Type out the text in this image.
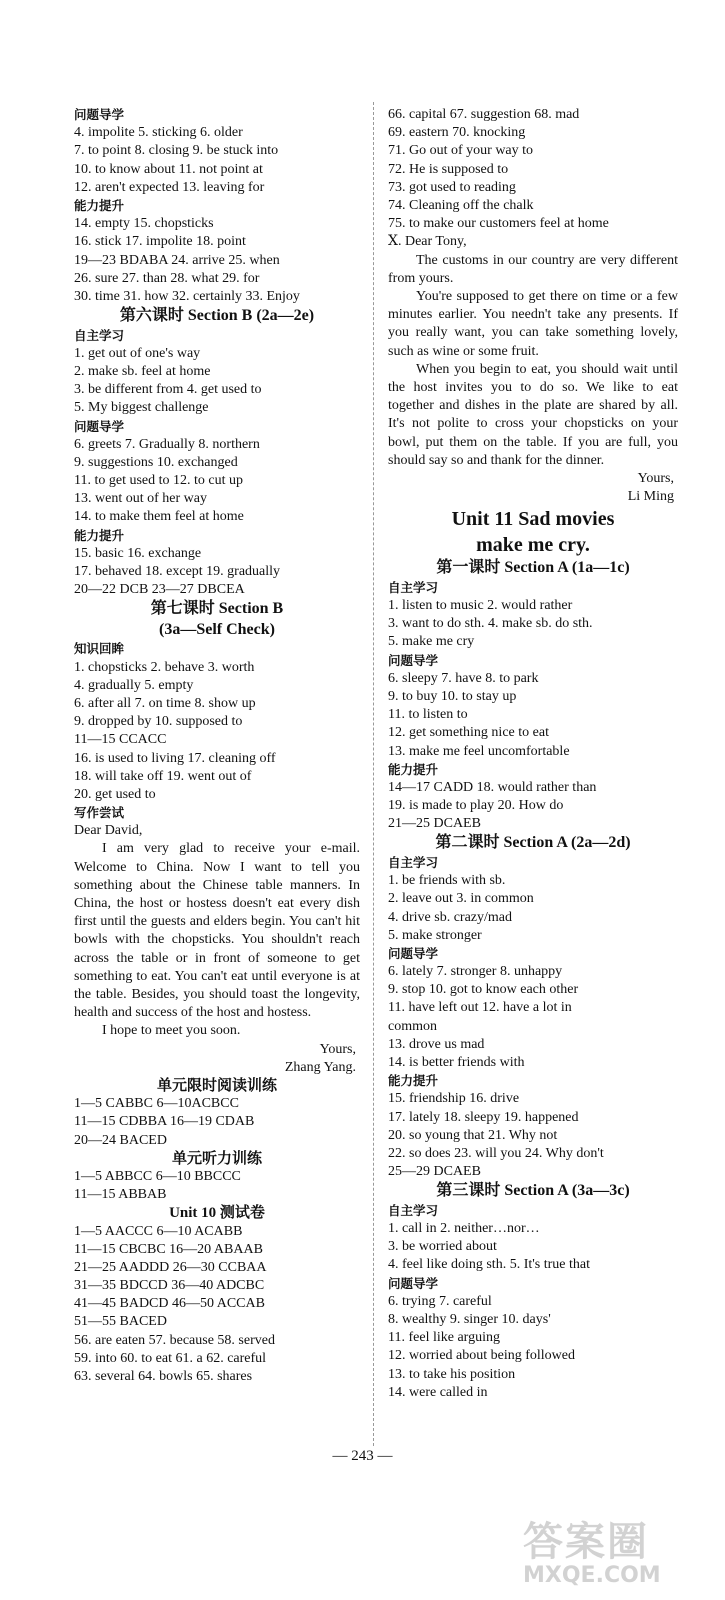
问题导学
4. impolite 5. sticking 6. older
7. to point 8. closing 9. be stuck into
10. to know about 11. not point at
12. aren't expected 13. leaving for
能力提升
14. empty 15. chopsticks
16. stick 17. impolite 18. point
19—23 BDABA 24. arrive 25. when
26. sure 27. than 28. what 29. for
30. time 31. how 32. certainly 33. Enjoy
第六课时 Section B (2a—2e)
自主学习
1. get out of one's way
2. make sb. feel at home
3. be different from 4. get used to
5. My biggest challenge
问题导学
6. greets 7. Gradually 8. northern
9. suggestions 10. exchanged
11. to get used to 12. to cut up
13. went out of her way
14. to make them feel at home
能力提升
15. basic 16. exchange
17. behaved 18. except 19. gradually
20—22 DCB 23—27 DBCEA
第七课时 Section B
(3a—Self Check)
知识回眸
1. chopsticks 2. behave 3. worth
4. gradually 5. empty
6. after all 7. on time 8. show up
9. dropped by 10. supposed to
11—15 CCACC
16. is used to living 17. cleaning off
18. will take off 19. went out of
20. get used to
写作尝试
Dear David,
I am very glad to receive your e-mail. Welcome to China. Now I want to tell you something about the Chinese table manners. In China, the host or hostess doesn't eat every dish first until the guests and elders begin. You can't hit bowls with the chopsticks. You shouldn't reach across the table or in front of someone to get something to eat. You can't eat until everyone is at the table. Besides, you should toast the longevity, health and success of the host and hostess.
I hope to meet you soon.
Yours,
Zhang Yang.
单元限时阅读训练
1—5 CABBC 6—10ACBCC
11—15 CDBBA 16—19 CDAB
20—24 BACED
单元听力训练
1—5 ABBCC 6—10 BBCCC
11—15 ABBAB
Unit 10 测试卷
1—5 AACCC 6—10 ACABB
11—15 CBCBC 16—20 ABAAB
21—25 AADDD 26—30 CCBAA
31—35 BDCCD 36—40 ADCBC
41—45 BADCD 46—50 ACCAB
51—55 BACED
56. are eaten 57. because 58. served
59. into 60. to eat 61. a 62. careful
63. several 64. bowls 65. shares
66. capital 67. suggestion 68. mad
69. eastern 70. knocking
71. Go out of your way to
72. He is supposed to
73. got used to reading
74. Cleaning off the chalk
75. to make our customers feel at home
Ⅹ. Dear Tony,
The customs in our country are very different from yours.
You're supposed to get there on time or a few minutes earlier. You needn't take any presents. If you really want, you can take something lovely, such as wine or some fruit.
When you begin to eat, you should wait until the host invites you to do so. We like to eat together and dishes in the plate are shared by all. It's not polite to cross your chopsticks on your bowl, put them on the table. If you are full, you should say so and thank for the dinner.
Yours,
Li Ming
Unit 11 Sad movies
make me cry.
第一课时 Section A (1a—1c)
自主学习
1. listen to music 2. would rather
3. want to do sth. 4. make sb. do sth.
5. make me cry
问题导学
6. sleepy 7. have 8. to park
9. to buy 10. to stay up
11. to listen to
12. get something nice to eat
13. make me feel uncomfortable
能力提升
14—17 CADD 18. would rather than
19. is made to play 20. How do
21—25 DCAEB
第二课时 Section A (2a—2d)
自主学习
1. be friends with sb.
2. leave out 3. in common
4. drive sb. crazy/mad
5. make stronger
问题导学
6. lately 7. stronger 8. unhappy
9. stop 10. got to know each other
11. have left out 12. have a lot in
common
13. drove us mad
14. is better friends with
能力提升
15. friendship 16. drive
17. lately 18. sleepy 19. happened
20. so young that 21. Why not
22. so does 23. will you 24. Why don't
25—29 DCAEB
第三课时 Section A (3a—3c)
自主学习
1. call in 2. neither…nor…
3. be worried about
4. feel like doing sth. 5. It's true that
问题导学
6. trying 7. careful
8. wealthy 9. singer 10. days'
11. feel like arguing
12. worried about being followed
13. to take his position
14. were called in
— 243 —
答案圈
MXQE.COM
